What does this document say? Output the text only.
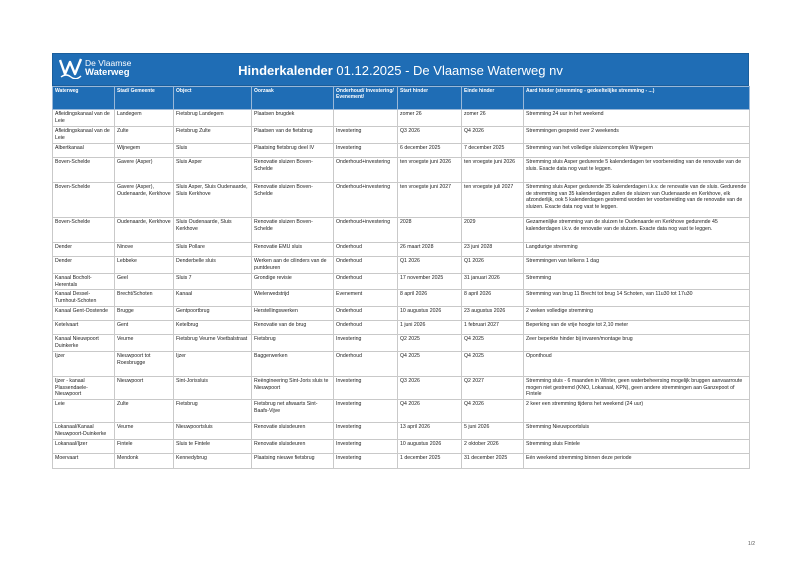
De Vlaamse
Waterweg	Hinderkalender 01.12.2025 - De Vlaamse Waterweg nv
Waterweg	Stad/ Gemeente	Object	Oorzaak	Onderhoud/ Investering/ Evenement/	Start hinder	Einde hinder	Aard hinder (stremming - gedeeltelijke stremming - ...)
Afleidingskanaal van de Leie	Landegem	Fietsbrug Landegem	Plaatsen brugdek		zomer 26	zomer 26	Stremming 24 uur in het weekend
Afleidingskanaal van de Leie	Zulte	Fietsbrug Zulte	Plaatsen van de fietsbrug	Investering	Q3 2026	Q4 2026	Stremmingen gespreid over 2 weekends
Albertkanaal	Wijnegem	Sluis	Plaatsing fietsbrug deel IV	Investering	6 december 2025	7 december 2025	Stremming van het volledige sluizencomplex Wijnegem
Boven-Schelde	Gavere (Asper)	Sluis Asper	Renovatie sluizen Boven-Schelde	Onderhoud+investering	ten vroegste juni 2026	ten vroegste juni 2026	Stremming sluis Asper gedurende 5 kalenderdagen ter voorbereiding van de renovatie van de sluis. Exacte data nog vast te leggen.
Boven-Schelde	Gavere (Asper), Oudenaarde, Kerkhove	Sluis Asper, Sluis Oudenaarde, Sluis Kerkhove	Renovatie sluizen Boven-Schelde	Onderhoud+investering	ten vroegste juni 2027	ten vroegste juli 2027	Stremming sluis Asper gedurende 35 kalenderdagen i.k.v. de renovatie van de sluis. Gedurende de stremming van 35 kalenderdagen zullen de sluizen van Oudenaarde en Kerkhove, elk afzonderlijk, ook 5 kalenderdagen gestremd worden ter voorbereiding van de renovatie van de sluizen. Exacte data nog vast te leggen.
Boven-Schelde	Oudenaarde, Kerkhove	Sluis Oudenaarde, Sluis Kerkhove	Renovatie sluizen Boven-Schelde	Onderhoud+investering	2028	2029	Gezamenlijke stremming van de sluizen te Oudenaarde en Kerkhove gedurende 45 kalenderdagen i.k.v. de renovatie van de sluizen. Exacte data nog vast te leggen.
Dender	Ninove	Sluis Pollare	Renovatie EMU sluis	Onderhoud	26 maart 2028	23 juni 2028	Langdurige stremming
Dender	Lebbeke	Denderbelle sluis	Werken aan de cilinders van de puntdeuren	Onderhoud	Q1 2026	Q1 2026	Stremmingen van telkens 1 dag
Kanaal Bocholt-Herentals	Geel	Sluis 7	Grondige revisie	Onderhoud	17 november 2025	31 januari 2026	Stremming
Kanaal Dessel-Turnhout-Schoten	Brecht/Schoten	Kanaal	Wielerwedstrijd	Evenement	8 april 2026	8 april 2026	Stremming van brug 11 Brecht tot brug 14 Schoten, van 11u30 tot 17u30
Kanaal Gent-Oostende	Brugge	Gentpoortbrug	Herstellingswerken	Onderhoud	10 augustus 2026	23 augustus 2026	2 weken volledige stremming
Ketelvaart	Gent	Ketelbrug	Renovatie van de brug	Onderhoud	1 juni 2026	1 februari 2027	Beperking van de vrije hoogte tot 2,10 meter
Kanaal Nieuwpoort Duinkerke	Veurne	Fietsbrug Veurne Voetbalstraat	Fietsbrug	Investering	Q2 2025	Q4 2025	Zeer beperkte hinder bij invaren/montage brug
Ijzer	Nieuwpoort tot Roesbrugge	Ijzer	Baggerwerken	Onderhoud	Q4 2025	Q4 2025	Oponthoud
Ijzer - kanaal Plassendaele-Nieuwpoort	Nieuwpoort	Sint-Jorissluis	Reëngineering Sint-Joris sluis te Nieuwpoort	Investering	Q3 2026	Q2 2027	Stremming sluis - 6 maanden in Winter, geen waterbeheersing mogelijk bruggen aanvaarroute mogen niet gestremd (KNO, Lokanaal, KPN), geen andere stremmingen aan Ganzepoot of Fintele
Leie	Zulte	Fietsbrug	Fietsbrug net afwaarts Sint-Baafs-Vijve	Investering	Q4 2026	Q4 2026	2 keer een stremming tijdens het weekend (24 uur)
Lokanaal/Kanaal Nieuwpoort-Duinkerke	Veurne	Nieuwpoortsluis	Renovatie sluisdeuren	Investering	13 april 2026	5 juni 2026	Stremming Nieuwpoortsluis
Lokanaal/Ijzer	Fintele	Sluis te Fintele	Renovatie sluisdeuren	Investering	10 augustus 2026	2 oktober 2026	Stremming sluis Fintele
Moervaart	Mendonk	Kennedybrug	Plaatsing nieuwe fietsbrug	Investering	1 december 2025	31 december 2025	Eén weekend stremming binnen deze periode
1/2
